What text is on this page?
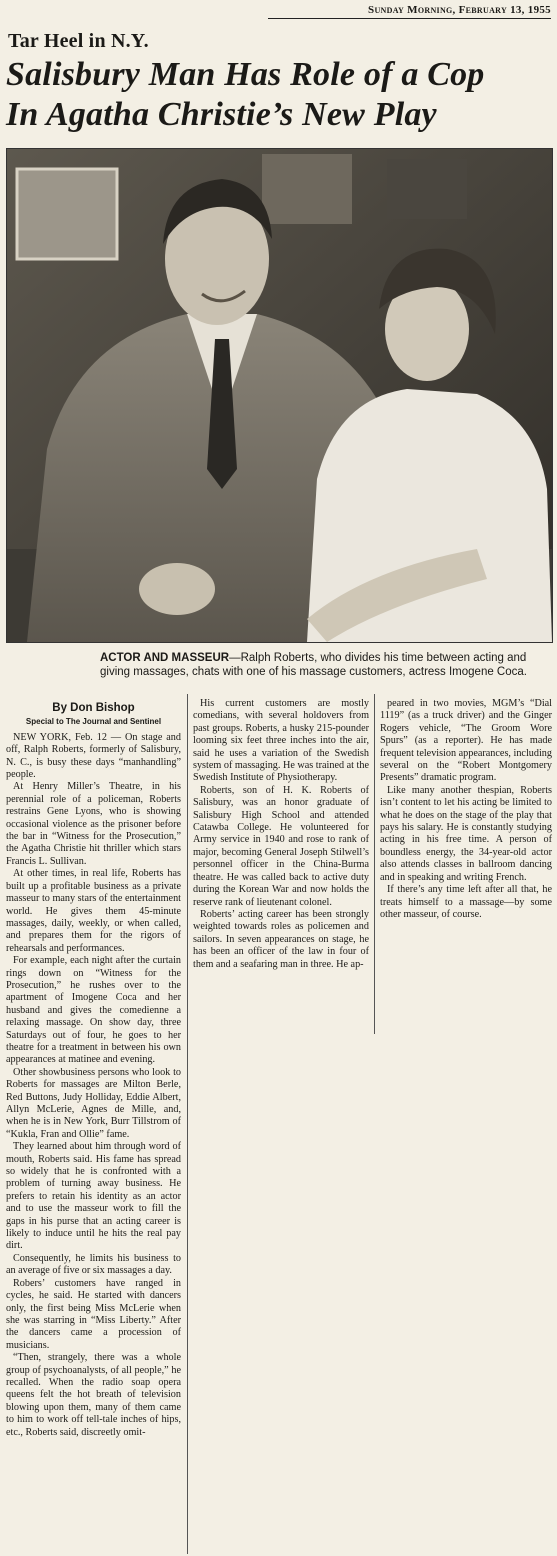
Sunday Morning, February 13, 1955
Tar Heel in N.Y.
Salisbury Man Has Role of a Cop
In Agatha Christie’s New Play
ACTOR AND MASSEUR—Ralph Roberts, who divides his time between acting and giving massages, chats with one of his massage customers, actress Imogene Coca.

By Don Bishop

Special to The Journal and Sentinel

NEW YORK, Feb. 12 — On stage and off, Ralph Roberts, formerly of Salisbury, N. C., is busy these days “manhandling” people.

At Henry Miller’s Theatre, in his perennial role of a policeman, Roberts restrains Gene Lyons, who is showing occasional violence as the prisoner before the bar in “Witness for the Prosecution,” the Agatha Christie hit thriller which stars Francis L. Sullivan.

At other times, in real life, Roberts has built up a profitable business as a private masseur to many stars of the entertainment world. He gives them 45-minute massages, daily, weekly, or when called, and prepares them for the rigors of rehearsals and performances.

For example, each night after the curtain rings down on “Witness for the Prosecution,” he rushes over to the apartment of Imogene Coca and her husband and gives the comedienne a relaxing massage. On show day, three Saturdays out of four, he goes to her theatre for a treatment in between his own appearances at matinee and evening.

Other showbusiness persons who look to Roberts for massages are Milton Berle, Red Buttons, Judy Holliday, Eddie Albert, Allyn McLerie, Agnes de Mille, and, when he is in New York, Burr Tillstrom of “Kukla, Fran and Ollie” fame.

They learned about him through word of mouth, Roberts said. His fame has spread so widely that he is confronted with a problem of turning away business. He prefers to retain his identity as an actor and to use the masseur work to fill the gaps in his purse that an acting career is likely to induce until he hits the real pay dirt.

Consequently, he limits his business to an average of five or six massages a day.

Robers’ customers have ranged in cycles, he said. He started with dancers only, the first being Miss McLerie when she was starring in “Miss Liberty.” After the dancers came a procession of musicians.

“Then, strangely, there was a whole group of psychoanalysts, of all people,” he recalled. When the radio soap opera queens felt the hot breath of television blowing upon them, many of them came to him to work off tell-tale inches of hips, etc., Roberts said, discreetly omit-

His current customers are mostly comedians, with several holdovers from past groups. Roberts, a husky 215-pounder looming six feet three inches into the air, said he uses a variation of the Swedish system of massaging. He was trained at the Swedish Institute of Physiotherapy.

Roberts, son of H. K. Roberts of Salisbury, was an honor graduate of Salisbury High School and attended Catawba College. He volunteered for Army service in 1940 and rose to rank of major, becoming General Joseph Stilwell’s personnel officer in the China-Burma theatre. He was called back to active duty during the Korean War and now holds the reserve rank of lieutenant colonel.

Roberts’ acting career has been strongly weighted towards roles as policemen and sailors. In seven appearances on stage, he has been an officer of the law in four of them and a seafaring man in three. He ap-

peared in two movies, MGM’s “Dial 1119” (as a truck driver) and the Ginger Rogers vehicle, “The Groom Wore Spurs” (as a reporter). He has made frequent television appearances, including several on the “Robert Montgomery Presents” dramatic program.

Like many another thespian, Roberts isn’t content to let his acting be limited to what he does on the stage of the play that pays his salary. He is constantly studying acting in his free time. A person of boundless energy, the 34-year-old actor also attends classes in ballroom dancing and in speaking and writing French.

If there’s any time left after all that, he treats himself to a massage—by some other masseur, of course.
